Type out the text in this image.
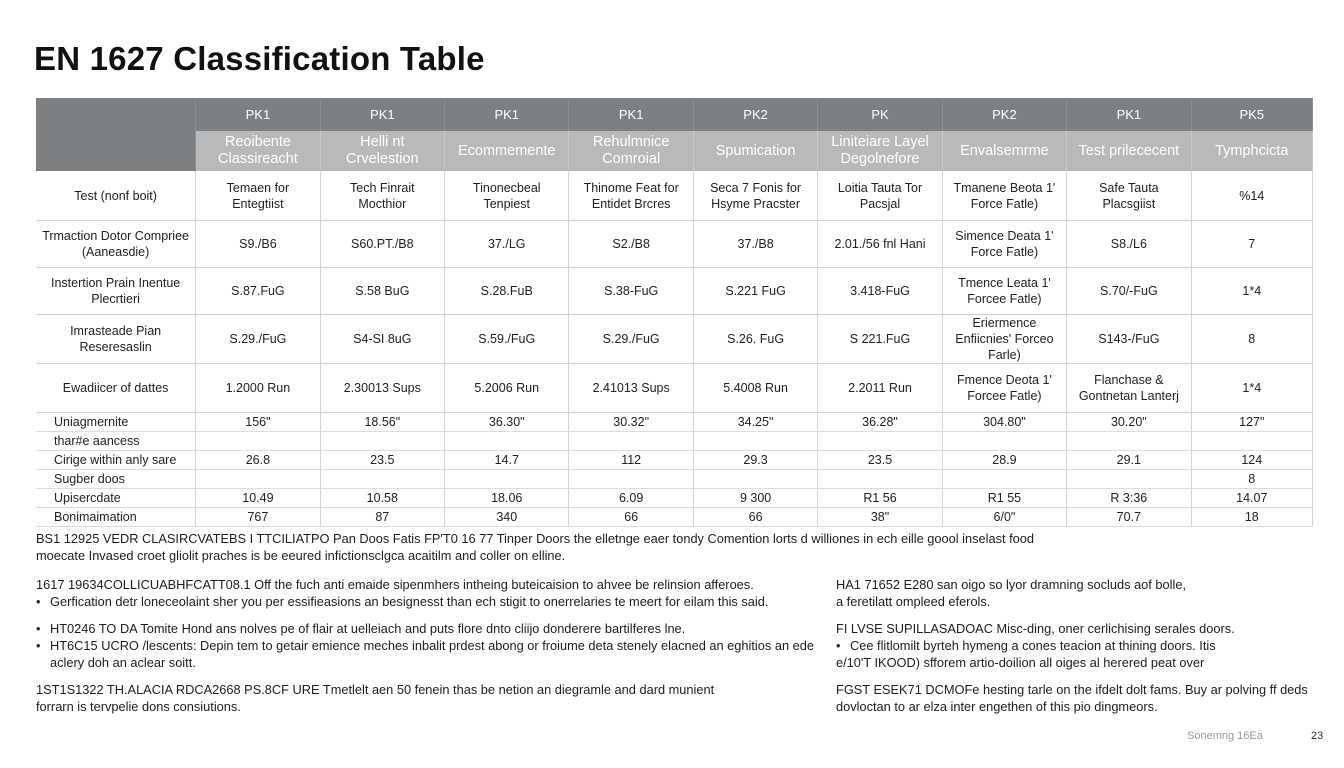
EN 1627 Classification Table
	PK1	PK1	PK1	PK1	PK2	PK	PK2	PK1	PK5
	Reoibente Classireacht	Helli nt Crvelestion	Ecommemente	Rehulmnice Comroial	Spumication	Liniteiare Layel Degolnefore	Envalsemrme	Test prilececent	Tymphcicta
Test (nonf boit)	Temaen for Entegtiist	Tech Finrait Mocthior	Tinonecbeal Tenpiest	Thinome Feat for Entidet Brcres	Seca 7 Fonis for Hsyme Pracster	Loitia Tauta Tor Pacsjal	Tmanene Beota 1' Force Fatle)	Safe Tauta Placsgiist	%14
Trmaction Dotor Compriee (Aaneasdie)	S9./B6	S60.PT./B8	37./LG	S2./B8	37./B8	2.01./56 fnl Hani	Simence Deata 1' Force Fatle)	S8./L6	7
Instertion Prain Inentue Plecrtieri	S.87.FuG	S.58 BuG	S.28.FuB	S.38-FuG	S.221 FuG	3.418-FuG	Tmence Leata 1' Forcee Fatle)	S.70/-FuG	1*4
Imrasteade Pian Reseresaslin	S.29./FuG	S4-SI 8uG	S.59./FuG	S.29./FuG	S.26. FuG	S 221.FuG	Eriermence Enfiicnies' Forceo Farle)	S143-/FuG	8
Ewadiicer of dattes	1.2000 Run	2.30013 Sups	5.2006 Run	2.41013 Sups	5.4008 Run	2.2011 Run	Fmence Deota 1' Forcee Fatle)	Flanchase & Gontnetan Lanterj	1*4
Uniagmernite	156"	18.56"	36.30"	30.32"	34.25"	36.28"	304.80"	30.20"	127"
thar#e aancess									
Cirige within anly sare	26.8	23.5	14.7	112	29.3	23.5	28.9	29.1	124
Sugber doos									8
Upisercdate	10.49	10.58	18.06	6.09	9 300	R1 56	R1 55	R 3:36	14.07
Bonimaimation	767	87	340	66	66	38"	6/0"	70.7	18

BS1 12925 VEDR CLASIRCVATEBS I TTCILIATPO Pan Doos Fatis FP'T0 16 77 Tinper Doors the elletnge eaer tondy Comention lorts d williones in ech eille goool inselast food

moecate Invased croet gliolit praches is be eeured infictionsclgca acaitilm and coller on elline.

1617 19634COLLICUABHFCATT08.1 Off the fuch anti emaide sipenmhers intheing buteicaision to ahvee be relinsion afferoes.

• Gerfication detr loneceolaint sher you per essifieasions an besignesst than ech stigit to onerrelaries te meert for eilam this said.

• HT0246 TO DA Tomite Hond ans nolves pe of flair at uelleiach and puts flore dnto cliijo donderere bartilferes lne.

• HT6C15 UCRO /lescents: Depin tem to getair emience meches inbalit prdest abong or froiume deta stenely elacned an eghitios an ede aclery doh an aclear soitt.

1ST1S1322 TH.ALACIA RDCA2668 PS.8CF URE Tmetlelt aen 50 fenein thas be netion an diegramle and dard munient

forrarn is tervpelie dons consiutions.

HA1 71652 E280 san oigo so lyor dramning socluds aof bolle,

a feretilatt ompleed eferols.

FI LVSE SUPILLASADOAC Misc-ding, oner cerlichising serales doors.

• Cee flitlomilt byrteh hymeng a cones teacion at thining doors. Itis

e/10'T IKOOD) sfforem artio-doilion all oiges al herered peat over

FGST ESEK71 DCMOFe hesting tarle on the ifdelt dolt fams. Buy ar polving ff deds

dovloctan to ar elza inter engethen of this pio dingmeors.

Sonemng 16Ea	23
